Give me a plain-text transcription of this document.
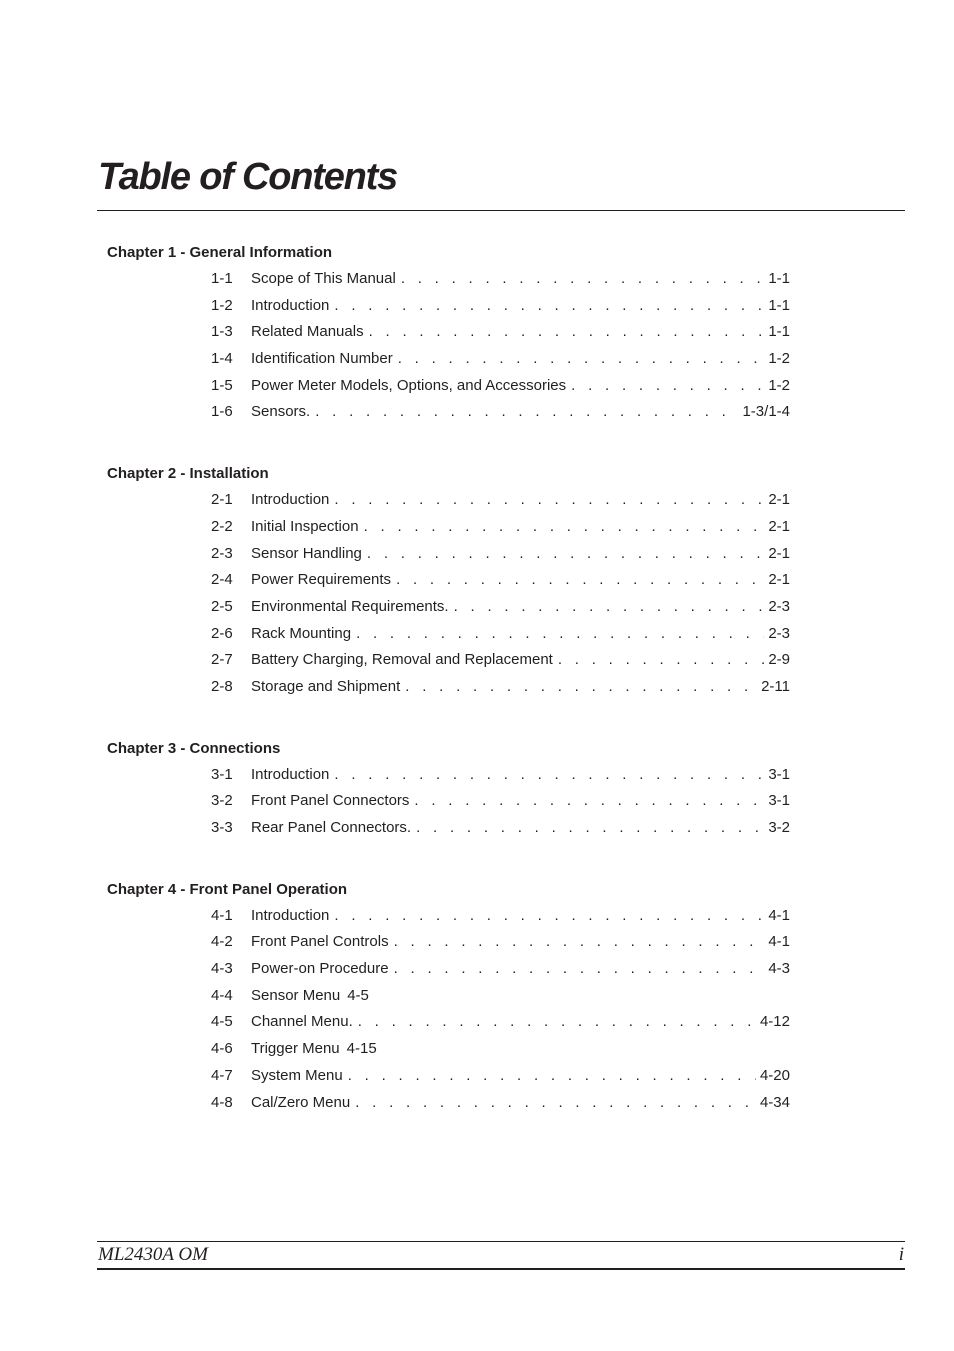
Table of Contents
Chapter 1 - General Information
1-1 Scope of This Manual . . .	1-1
1-2 Introduction . . .	1-1
1-3 Related Manuals . . .	1-1
1-4 Identification Number . . .	1-2
1-5 Power Meter Models, Options, and Accessories . . .	1-2
1-6 Sensors. . . .	1-3/1-4
Chapter 2 - Installation
2-1 Introduction . . .	2-1
2-2 Initial Inspection . . .	2-1
2-3 Sensor Handling . . .	2-1
2-4 Power Requirements . . .	2-1
2-5 Environmental Requirements. . . .	2-3
2-6 Rack Mounting . . .	2-3
2-7 Battery Charging, Removal and Replacement . . .	2-9
2-8 Storage and Shipment . . .	2-11
Chapter 3 - Connections
3-1 Introduction . . .	3-1
3-2 Front Panel Connectors . . .	3-1
3-3 Rear Panel Connectors. . . .	3-2
Chapter 4 - Front Panel Operation
4-1 Introduction . . .	4-1
4-2 Front Panel Controls . . .	4-1
4-3 Power-on Procedure . . .	4-3
4-4 Sensor Menu 4-5
4-5 Channel Menu. . . .	4-12
4-6 Trigger Menu 4-15
4-7 System Menu . . .	4-20
4-8 Cal/Zero Menu . . .	4-34
ML2430A OM	i
